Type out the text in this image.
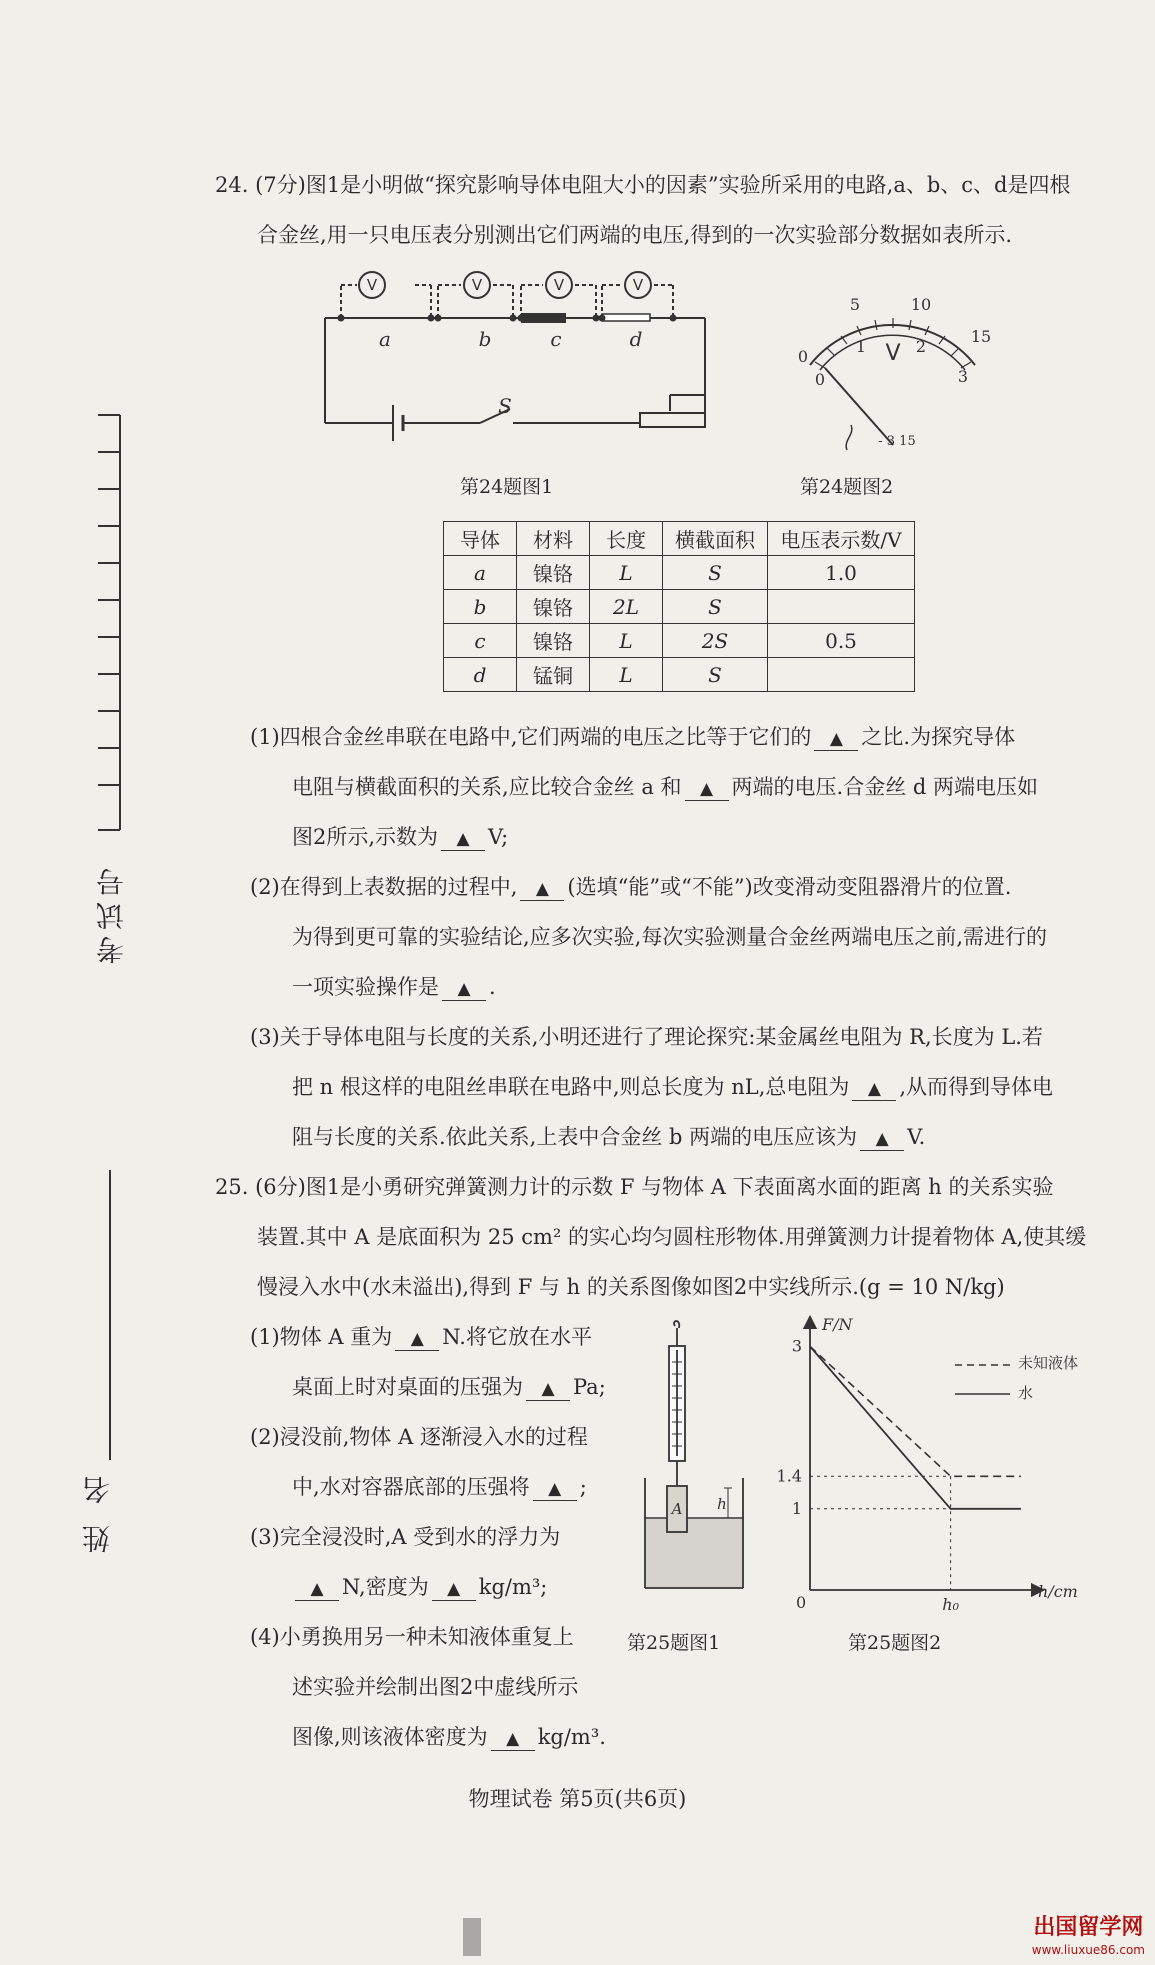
考试号
姓 名

24. (7分)图1是小明做“探究影响导体电阻大小的因素”实验所采用的电路,a、b、c、d是四根

合金丝,用一只电压表分别测出它们两端的电压,得到的一次实验部分数据如表所示.

V	V	V	V
a	b	c	d
S
第24题图1
0
5	10
15
0
1	2
3
V
- 3 15
第24题图2
导体	材料	长度	横截面积	电压表示数/V
a	镍铬	L	S	1.0
b	镍铬	2L	S	
c	镍铬	L	2S	0.5
d	锰铜	L	S	

(1)四根合金丝串联在电路中,它们两端的电压之比等于它们的 ▲ 之比.为探究导体

电阻与横截面积的关系,应比较合金丝 a 和 ▲ 两端的电压.合金丝 d 两端电压如

图2所示,示数为 ▲ V;

(2)在得到上表数据的过程中, ▲ (选填“能”或“不能”)改变滑动变阻器滑片的位置.

为得到更可靠的实验结论,应多次实验,每次实验测量合金丝两端电压之前,需进行的

一项实验操作是 ▲ .

(3)关于导体电阻与长度的关系,小明还进行了理论探究:某金属丝电阻为 R,长度为 L.若

把 n 根这样的电阻丝串联在电路中,则总长度为 nL,总电阻为 ▲ ,从而得到导体电

阻与长度的关系.依此关系,上表中合金丝 b 两端的电压应该为 ▲ V.

25. (6分)图1是小勇研究弹簧测力计的示数 F 与物体 A 下表面离水面的距离 h 的关系实验

装置.其中 A 是底面积为 25 cm² 的实心均匀圆柱形物体.用弹簧测力计提着物体 A,使其缓

慢浸入水中(水未溢出),得到 F 与 h 的关系图像如图2中实线所示.(g = 10 N/kg)

(1)物体 A 重为 ▲ N.将它放在水平

桌面上时对桌面的压强为 ▲ Pa;

(2)浸没前,物体 A 逐渐浸入水的过程

中,水对容器底部的压强将 ▲ ;

(3)完全浸没时,A 受到水的浮力为

▲ N,密度为 ▲ kg/m³;

(4)小勇换用另一种未知液体重复上

述实验并绘制出图2中虚线所示

图像,则该液体密度为 ▲ kg/m³.

A h
第25题图1
F/N
h/cm
0	h₀
1
1.4
3
未知液体
水
第25题图2
物理试卷 第5页(共6页)
出国留学网
www.liuxue86.com
